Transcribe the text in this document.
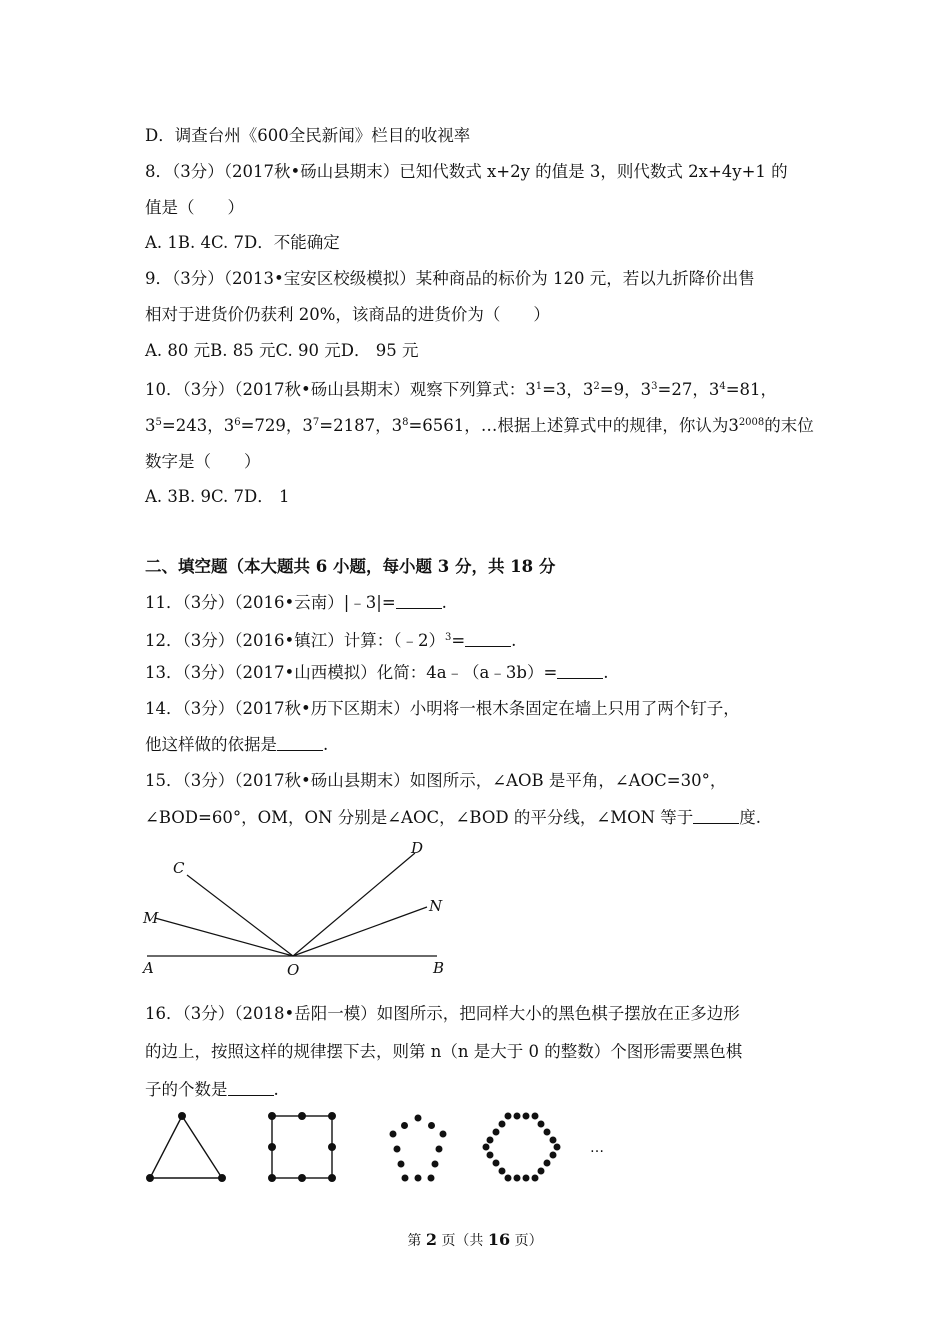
D．调查台州《600全民新闻》栏目的收视率
8．（3分）（2017秋•砀山县期末）已知代数式 x+2y 的值是 3，则代数式 2x+4y+1 的
值是（　　）
A. 1B. 4C. 7D．不能确定
9．（3分）（2013•宝安区校级模拟）某种商品的标价为 120 元，若以九折降价出售
相对于进货价仍获利 20%，该商品的进货价为（　　）
A. 80 元B. 85 元C. 90 元D． 95 元
10．（3分）（2017秋•砀山县期末）观察下列算式：$3^1=3$，$3^2=9$，$3^3=27$，$3^4=81$，
$3^5=243$，$3^6=729$，$3^7=2187$，$3^8=6561$，…根据上述算式中的规律，你认为$3^{2008}$的末位
数字是（　　）
A. 3B. 9C. 7D． 1
二、填空题（本大题共 6 小题，每小题 3 分，共 18 分
11．（3分）（2016•云南）|﹣3|=	.
12．（3分）（2016•镇江）计算：（﹣2）$^3$=	.
13．（3分）（2017•山西模拟）化简：4a﹣（a﹣3b）=	.
14．（3分）（2017秋•历下区期末）小明将一根木条固定在墙上只用了两个钉子，
他这样做的依据是	.
15．（3分）（2017秋•砀山县期末）如图所示，∠AOB 是平角，∠AOC=30°，
∠BOD=60°，OM，ON 分别是∠AOC，∠BOD 的平分线，∠MON 等于	度.
C
M
A	O	B
D
N
16．（3分）（2018•岳阳一模）如图所示，把同样大小的黑色棋子摆放在正多边形
的边上，按照这样的规律摆下去，则第 n（n 是大于 0 的整数）个图形需要黑色棋
子的个数是	.
…
第 2 页（共 16 页）
